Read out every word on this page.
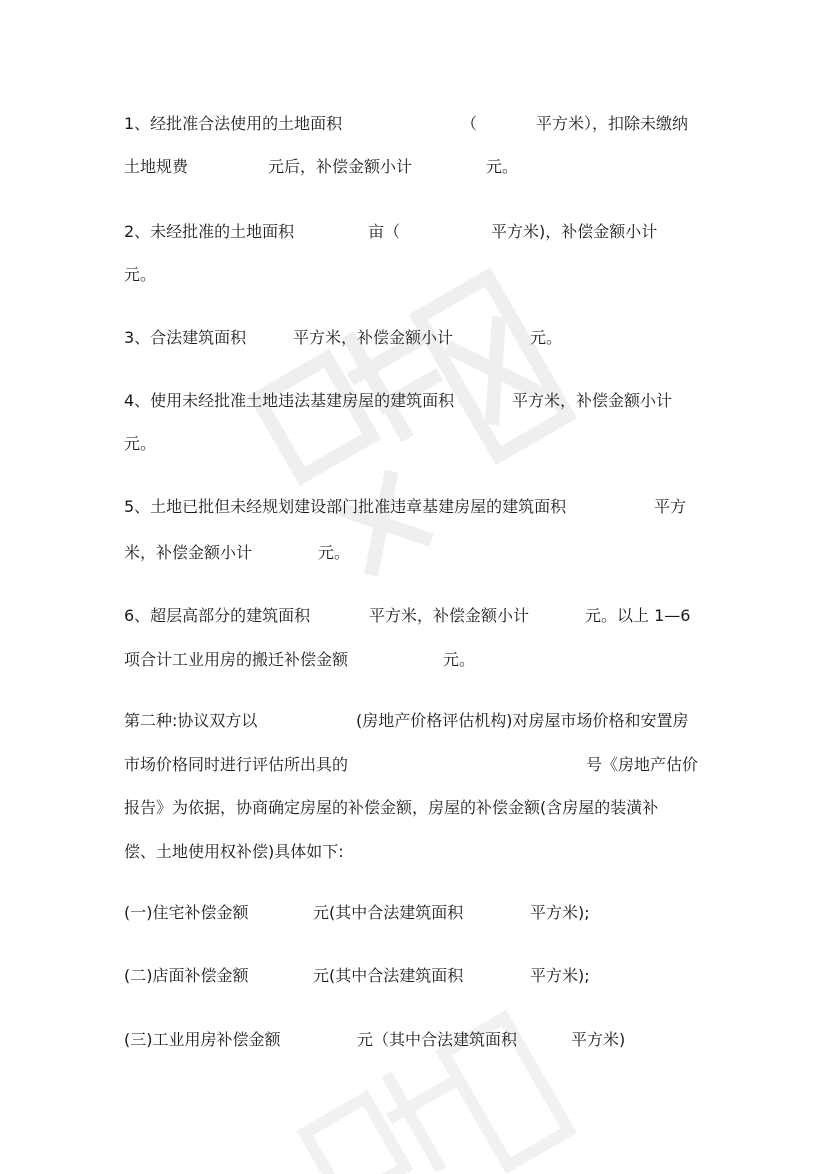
1、经批准合法使用的土地面积	（	平方米），扣除未缴纳
土地规费	元后，补偿金额小计	元。
2、未经批准的土地面积	亩（	平方米)，补偿金额小计
元。
3、合法建筑面积	平方米，补偿金额小计	元。
4、使用未经批准土地违法基建房屋的建筑面积	平方米，补偿金额小计
元。
5、土地已批但未经规划建设部门批准违章基建房屋的建筑面积	平方
米，补偿金额小计	元。
6、超层高部分的建筑面积	平方米，补偿金额小计	元。以上 1—6
项合计工业用房的搬迁补偿金额	元。
第二种:协议双方以	(房地产价格评估机构)对房屋市场价格和安置房
市场价格同时进行评估所出具的	号《房地产估价
报告》为依据，协商确定房屋的补偿金额，房屋的补偿金额(含房屋的装潢补
偿、土地使用权补偿)具体如下:
(一)住宅补偿金额	元(其中合法建筑面积	平方米);
(二)店面补偿金额	元(其中合法建筑面积	平方米);
(三)工业用房补偿金额	元（其中合法建筑面积	平方米)
